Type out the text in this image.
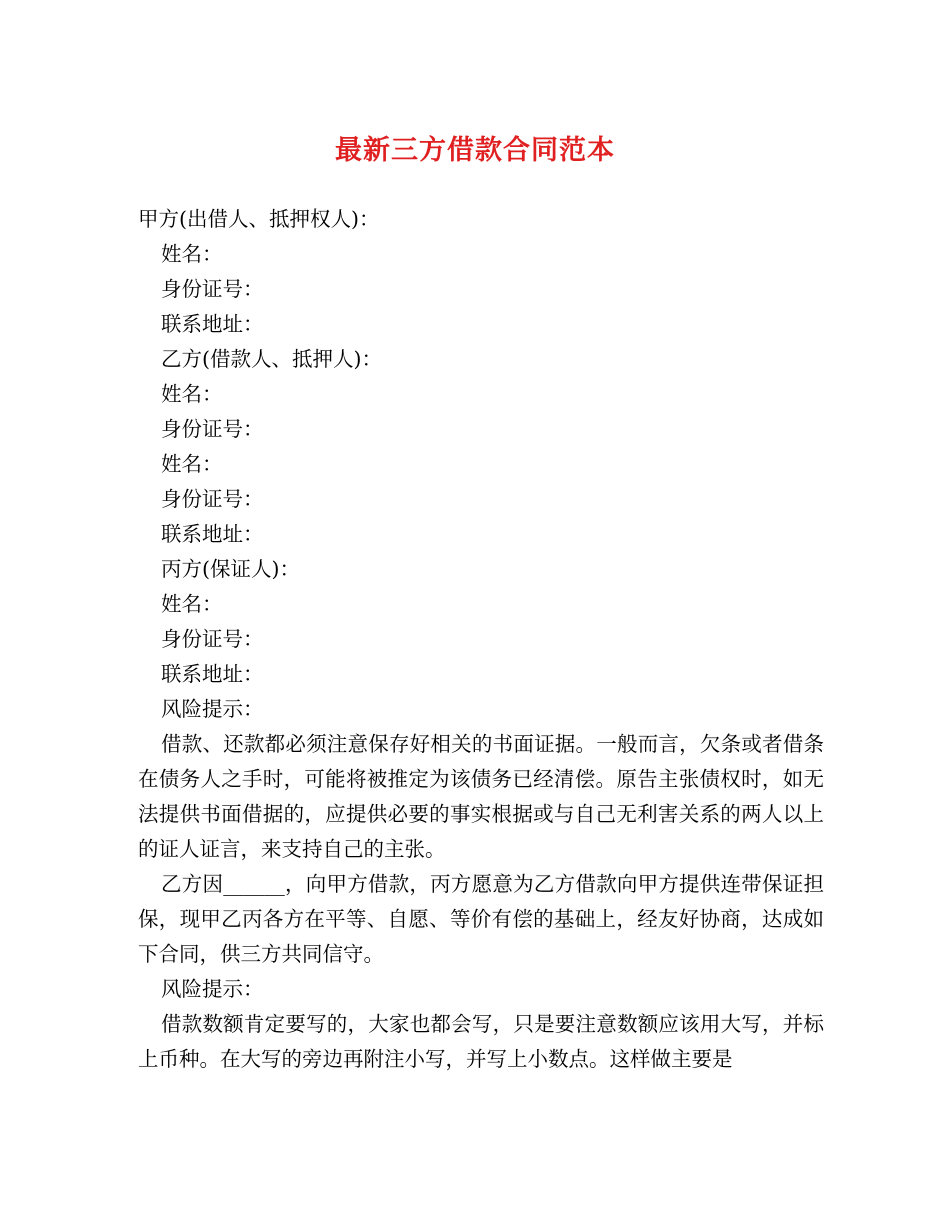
最新三方借款合同范本

甲方(出借人、抵押权人)：

姓名：

身份证号：

联系地址：

乙方(借款人、抵押人)：

姓名：

身份证号：

姓名：

身份证号：

联系地址：

丙方(保证人)：

姓名：

身份证号：

联系地址：

风险提示：

借款、还款都必须注意保存好相关的书面证据。一般而言，欠条或者借条在债务人之手时，可能将被推定为该债务已经清偿。原告主张债权时，如无法提供书面借据的，应提供必要的事实根据或与自己无利害关系的两人以上的证人证言，来支持自己的主张。

乙方因______，向甲方借款，丙方愿意为乙方借款向甲方提供连带保证担保，现甲乙丙各方在平等、自愿、等价有偿的基础上，经友好协商，达成如下合同，供三方共同信守。

风险提示：

借款数额肯定要写的，大家也都会写，只是要注意数额应该用大写，并标上币种。在大写的旁边再附注小写，并写上小数点。这样做主要是
